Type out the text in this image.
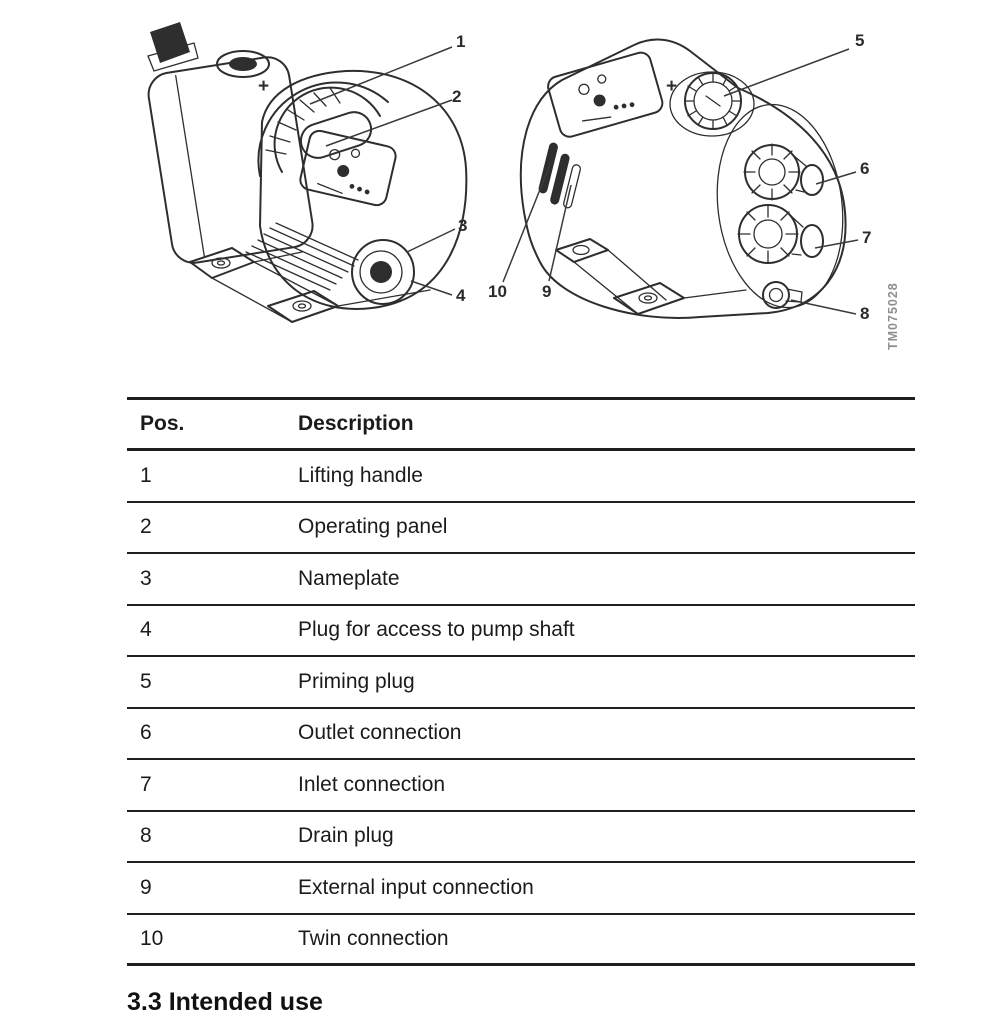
+	+
1
2
3
4
5
6
7
8
9
10	TM075028
Pos.	Description
1	Lifting handle
2	Operating panel
3	Nameplate
4	Plug for access to pump shaft
5	Priming plug
6	Outlet connection
7	Inlet connection
8	Drain plug
9	External input connection
10	Twin connection
3.3 Intended use
